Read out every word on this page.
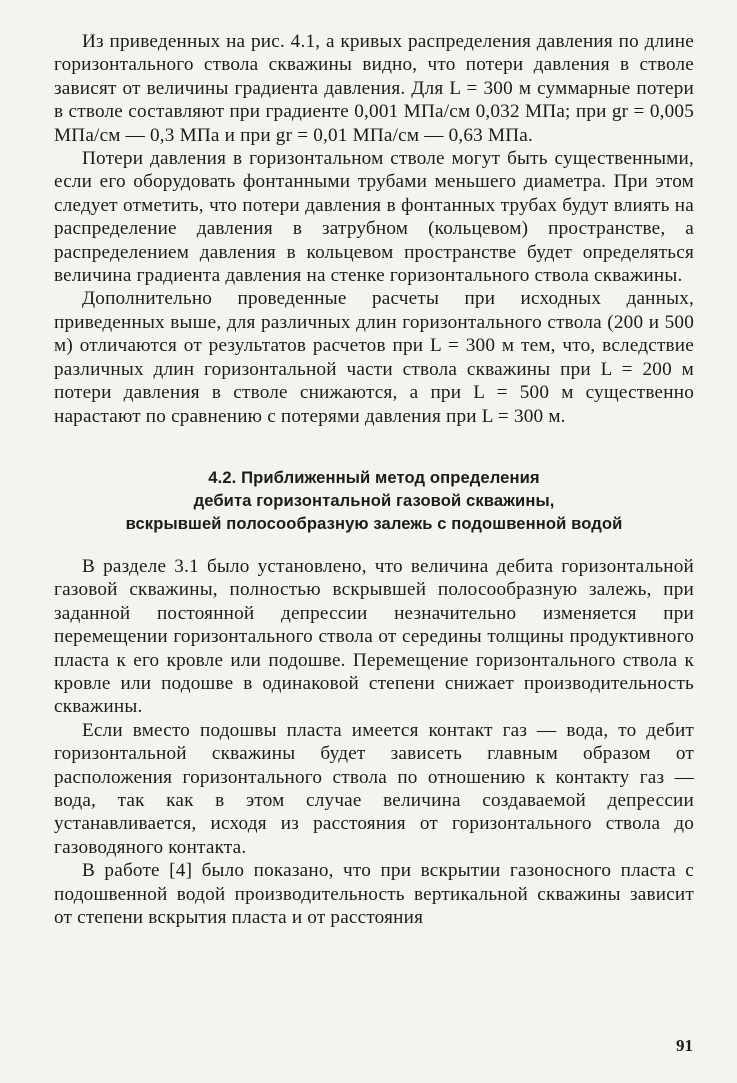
Из приведенных на рис. 4.1, a кривых распределения давления по длине горизонтального ствола скважины видно, что потери давления в стволе зависят от величины градиента давления. Для L = 300 м суммарные потери в стволе составляют при градиенте 0,001 МПа/см 0,032 МПа; при gr = 0,005 МПа/см — 0,3 МПа и при gr = 0,01 МПа/см — 0,63 МПа.

Потери давления в горизонтальном стволе могут быть существенными, если его оборудовать фонтанными трубами меньшего диаметра. При этом следует отметить, что потери давления в фонтанных трубах будут влиять на распределение давления в затрубном (кольцевом) пространстве, а распределением давления в кольцевом пространстве будет определяться величина градиента давления на стенке горизонтального ствола скважины.

Дополнительно проведенные расчеты при исходных данных, приведенных выше, для различных длин горизонтального ствола (200 и 500 м) отличаются от результатов расчетов при L = 300 м тем, что, вследствие различных длин горизонтальной части ствола скважины при L = 200 м потери давления в стволе снижаются, а при L = 500 м существенно нарастают по сравнению с потерями давления при L = 300 м.

4.2. Приближенный метод определения
дебита горизонтальной газовой скважины,
вскрывшей полосообразную залежь с подошвенной водой

В разделе 3.1 было установлено, что величина дебита горизонтальной газовой скважины, полностью вскрывшей полосообразную залежь, при заданной постоянной депрессии незначительно изменяется при перемещении горизонтального ствола от середины толщины продуктивного пласта к его кровле или подошве. Перемещение горизонтального ствола к кровле или подошве в одинаковой степени снижает производительность скважины.

Если вместо подошвы пласта имеется контакт газ — вода, то дебит горизонтальной скважины будет зависеть главным образом от расположения горизонтального ствола по отношению к контакту газ — вода, так как в этом случае величина создаваемой депрессии устанавливается, исходя из расстояния от горизонтального ствола до газоводяного контакта.

В работе [4] было показано, что при вскрытии газоносного пласта с подошвенной водой производительность вертикальной скважины зависит от степени вскрытия пласта и от расстояния

91
